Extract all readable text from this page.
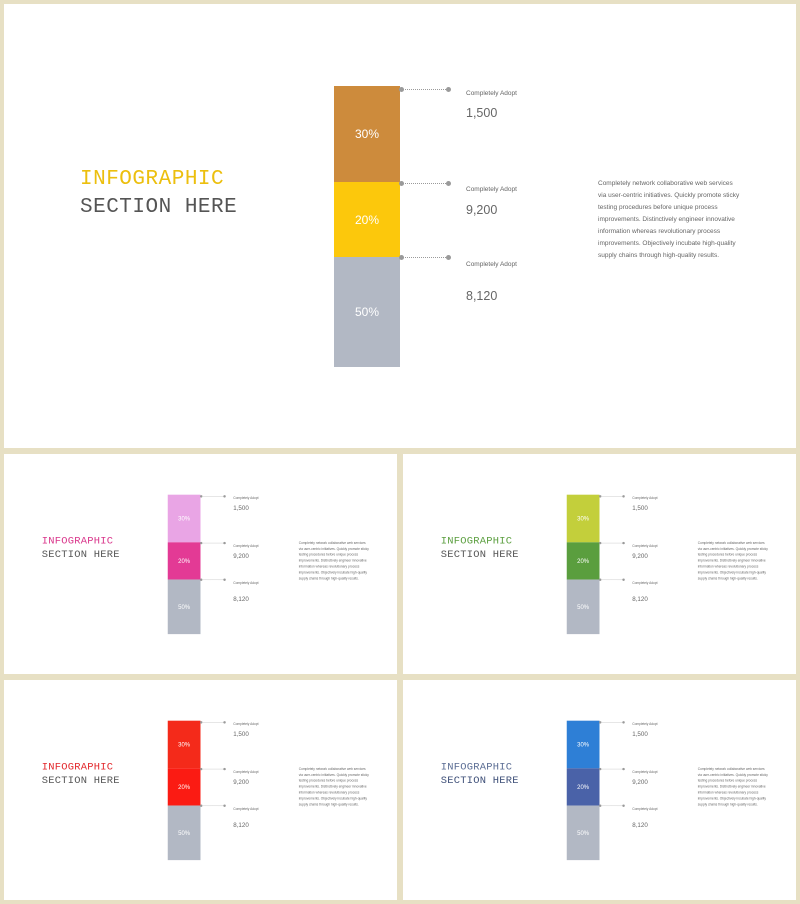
INFOGRAPHIC
SECTION HERE
30%
20%
50%
Completely Adopt
1,500
Completely Adopt
9,200
Completely Adopt
8,120

Completely network collaborative web services via user-centric initiatives. Quickly promote sticky testing procedures before unique process improvements. Distinctively engineer innovative information whereas revolutionary process improvements. Objectively incubate high-quality supply chains through high-quality results.

INFOGRAPHIC
SECTION HERE
30%
20%
50%
Completely Adopt
1,500
Completely Adopt
9,200
Completely Adopt
8,120

Completely network collaborative web services via user-centric initiatives. Quickly promote sticky testing procedures before unique process improvements. Distinctively engineer innovative information whereas revolutionary process improvements. Objectively incubate high-quality supply chains through high-quality results.

INFOGRAPHIC
SECTION HERE
30%
20%
50%
Completely Adopt
1,500
Completely Adopt
9,200
Completely Adopt
8,120

Completely network collaborative web services via user-centric initiatives. Quickly promote sticky testing procedures before unique process improvements. Distinctively engineer innovative information whereas revolutionary process improvements. Objectively incubate high-quality supply chains through high-quality results.

INFOGRAPHIC
SECTION HERE
30%
20%
50%
Completely Adopt
1,500
Completely Adopt
9,200
Completely Adopt
8,120

Completely network collaborative web services via user-centric initiatives. Quickly promote sticky testing procedures before unique process improvements. Distinctively engineer innovative information whereas revolutionary process improvements. Objectively incubate high-quality supply chains through high-quality results.

INFOGRAPHIC
SECTION HERE
30%
20%
50%
Completely Adopt
1,500
Completely Adopt
9,200
Completely Adopt
8,120

Completely network collaborative web services via user-centric initiatives. Quickly promote sticky testing procedures before unique process improvements. Distinctively engineer innovative information whereas revolutionary process improvements. Objectively incubate high-quality supply chains through high-quality results.
